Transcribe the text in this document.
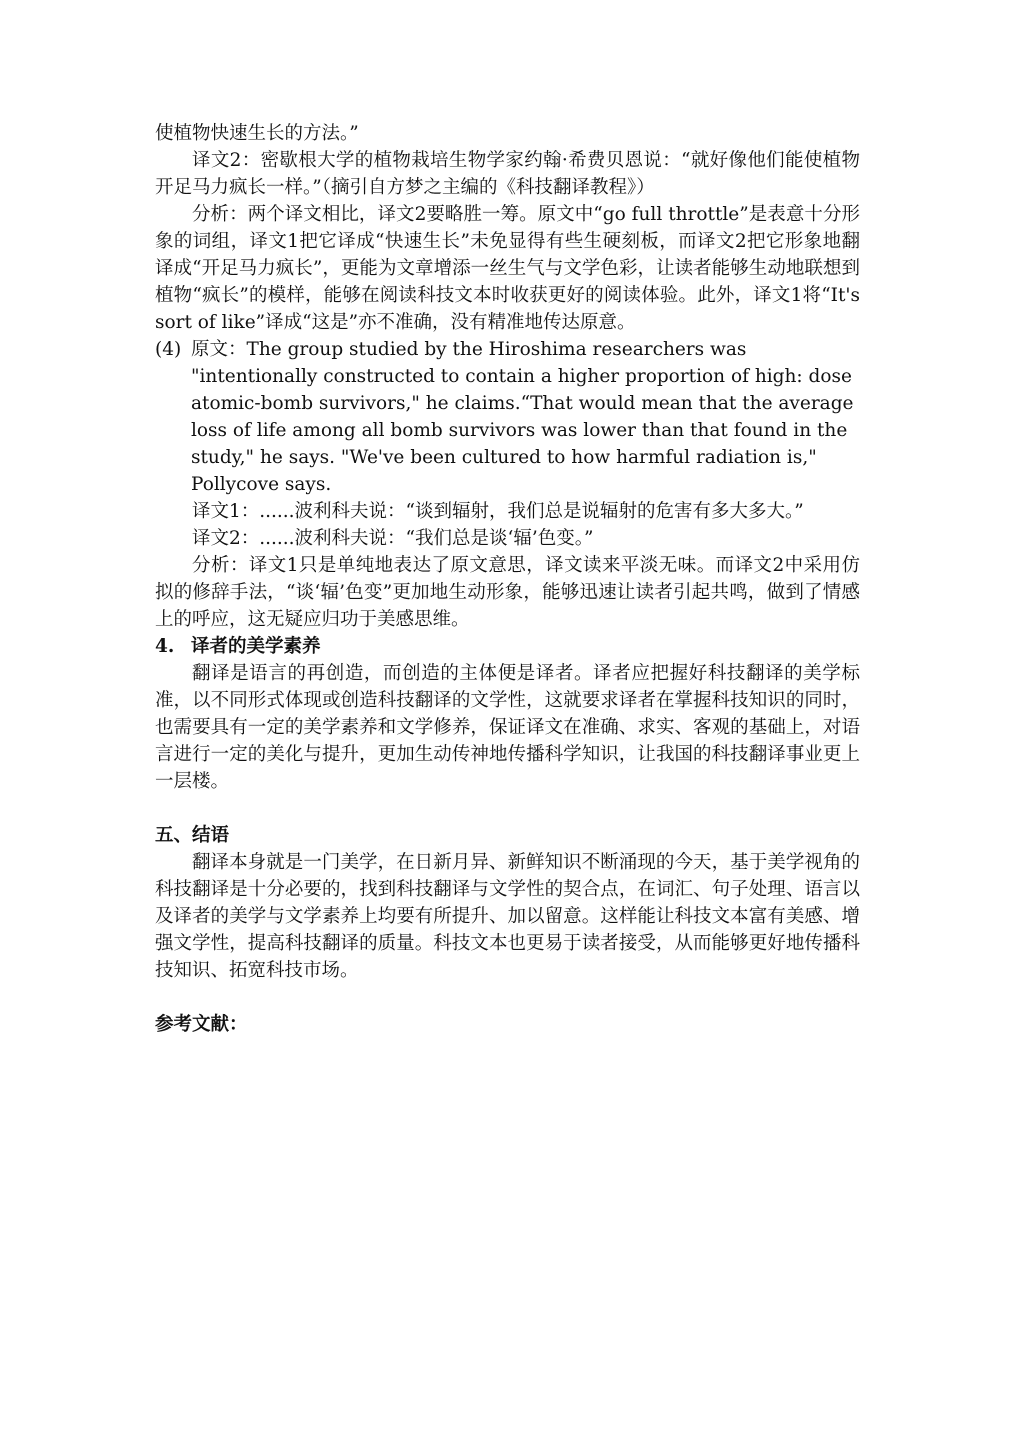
使植物快速生长的方法。”

译文2：密歇根大学的植物栽培生物学家约翰·希费贝恩说：“就好像他们能使植物开足马力疯长一样。”（摘引自方梦之主编的《科技翻译教程》）

分析：两个译文相比，译文2要略胜一筹。原文中“go full throttle”是表意十分形象的词组，译文1把它译成“快速生长”未免显得有些生硬刻板，而译文2把它形象地翻译成“开足马力疯长”，更能为文章增添一丝生气与文学色彩，让读者能够生动地联想到植物“疯长”的模样，能够在阅读科技文本时收获更好的阅读体验。此外，译文1将“It's sort of like”译成“这是”亦不准确，没有精准地传达原意。

(4) 原文：The group studied by the Hiroshima researchers was "intentionally constructed to contain a higher proportion of high: dose atomic-bomb survivors," he claims.“That would mean that the average loss of life among all bomb survivors was lower than that found in the study," he says. "We've been cultured to how harmful radiation is," Pollycove says.

译文1：......波利科夫说：“谈到辐射，我们总是说辐射的危害有多大多大。”

译文2：......波利科夫说：“我们总是谈‘辐’色变。”

分析：译文1只是单纯地表达了原文意思，译文读来平淡无味。而译文2中采用仿拟的修辞手法，“谈‘辐’色变”更加地生动形象，能够迅速让读者引起共鸣，做到了情感上的呼应，这无疑应归功于美感思维。

4. 译者的美学素养

翻译是语言的再创造，而创造的主体便是译者。译者应把握好科技翻译的美学标准，以不同形式体现或创造科技翻译的文学性，这就要求译者在掌握科技知识的同时，也需要具有一定的美学素养和文学修养，保证译文在准确、求实、客观的基础上，对语言进行一定的美化与提升，更加生动传神地传播科学知识，让我国的科技翻译事业更上一层楼。

五、结语

翻译本身就是一门美学，在日新月异、新鲜知识不断涌现的今天，基于美学视角的科技翻译是十分必要的，找到科技翻译与文学性的契合点，在词汇、句子处理、语言以及译者的美学与文学素养上均要有所提升、加以留意。这样能让科技文本富有美感、增强文学性，提高科技翻译的质量。科技文本也更易于读者接受，从而能够更好地传播科技知识、拓宽科技市场。

参考文献：
